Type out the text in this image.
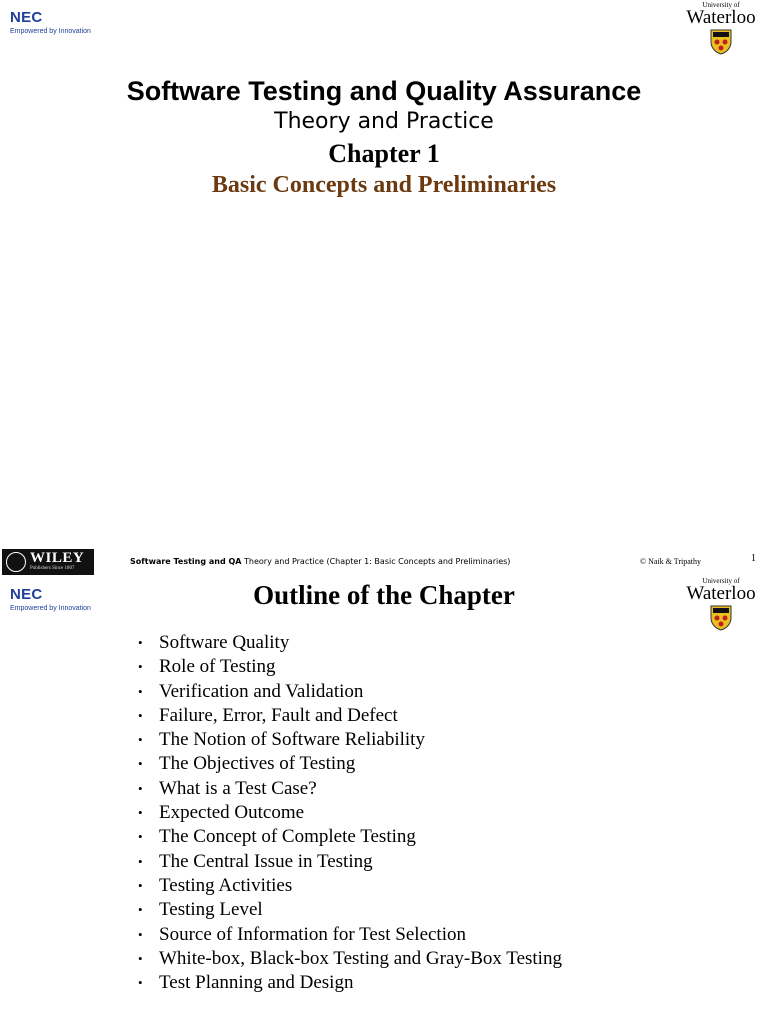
NEC
Empowered by Innovation
University of
Waterloo
Software Testing and Quality Assurance
Theory and Practice
Chapter 1
Basic Concepts and Preliminaries
WILEY
Publishers Since 1807
Software Testing and QA Theory and Practice (Chapter 1: Basic Concepts and Preliminaries)	© Naik & Tripathy	1
NEC
Empowered by Innovation
University of
Waterloo
Outline of the Chapter
• Software Quality
• Role of Testing
• Verification and Validation
• Failure, Error, Fault and Defect
• The Notion of Software Reliability
• The Objectives of Testing
• What is a Test Case?
• Expected Outcome
• The Concept of Complete Testing
• The Central Issue in Testing
• Testing Activities
• Testing Level
• Source of Information for Test Selection
• White-box, Black-box Testing and Gray-Box Testing
• Test Planning and Design
